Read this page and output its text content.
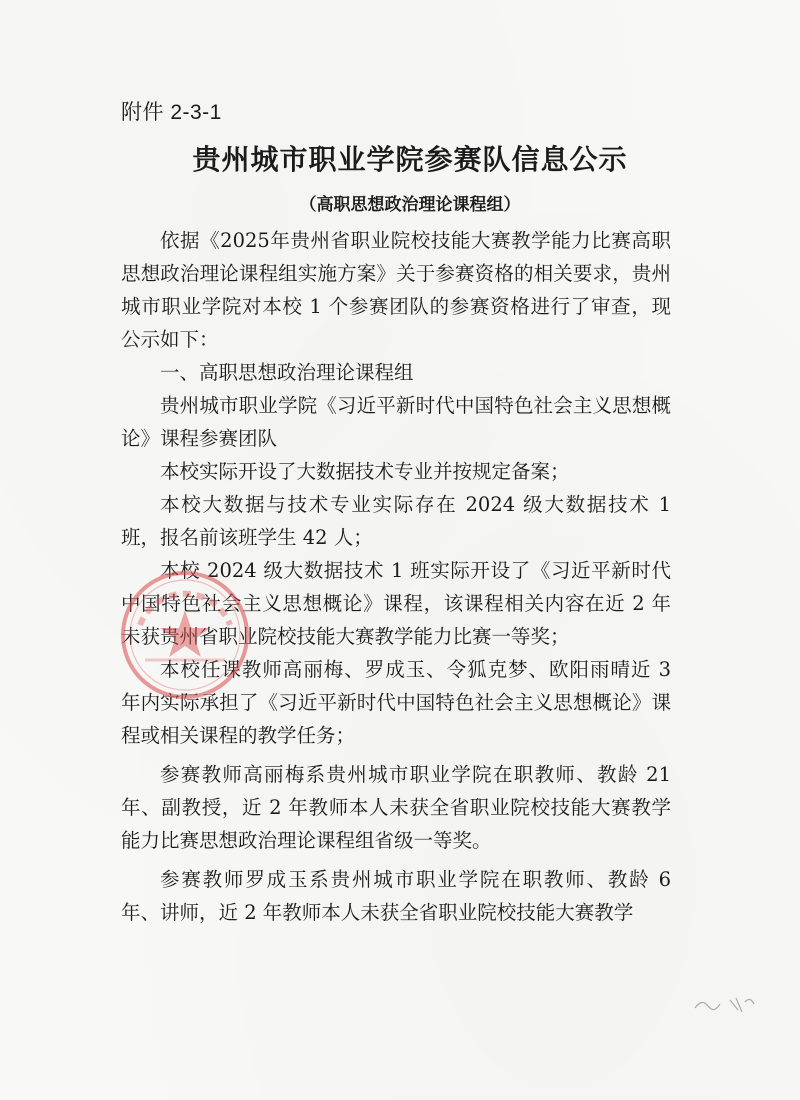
附件 2-3-1
贵州城市职业学院参赛队信息公示
（高职思想政治理论课程组）

依据《2025年贵州省职业院校技能大赛教学能力比赛高职思想政治理论课程组实施方案》关于参赛资格的相关要求，贵州城市职业学院对本校 1 个参赛团队的参赛资格进行了审查，现公示如下：

一、高职思想政治理论课程组

贵州城市职业学院《习近平新时代中国特色社会主义思想概论》课程参赛团队

本校实际开设了大数据技术专业并按规定备案；

本校大数据与技术专业实际存在 2024 级大数据技术 1 班，报名前该班学生 42 人；

本校 2024 级大数据技术 1 班实际开设了《习近平新时代中国特色社会主义思想概论》课程，该课程相关内容在近 2 年未获贵州省职业院校技能大赛教学能力比赛一等奖；

本校任课教师高丽梅、罗成玉、令狐克梦、欧阳雨晴近 3 年内实际承担了《习近平新时代中国特色社会主义思想概论》课程或相关课程的教学任务；

参赛教师高丽梅系贵州城市职业学院在职教师、教龄 21 年、副教授，近 2 年教师本人未获全省职业院校技能大赛教学能力比赛思想政治理论课程组省级一等奖。

参赛教师罗成玉系贵州城市职业学院在职教师、教龄 6 年、讲师，近 2 年教师本人未获全省职业院校技能大赛教学
